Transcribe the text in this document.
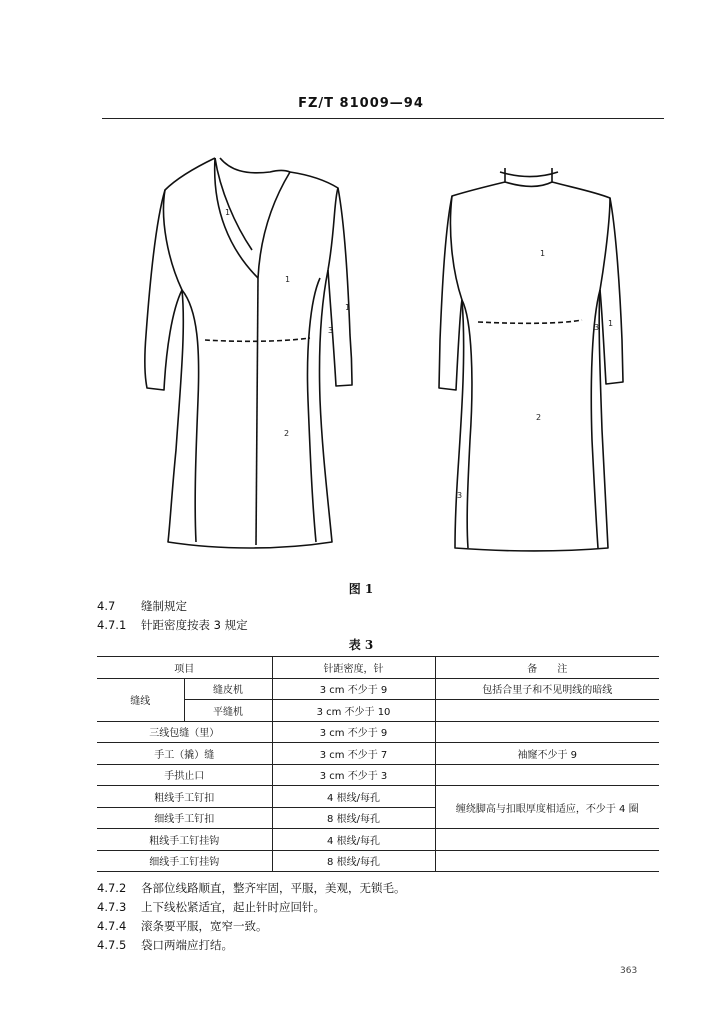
FZ/T 81009—94
1
1
1
3
2
1
3 1
2
3
图 1
4.7 缝制规定
4.7.1 针距密度按表 3 规定
表 3
项目		针距密度，针	备　　注
缝线	缝皮机	3 cm 不少于 9	包括合里子和不见明线的暗线
	平缝机	3 cm 不少于 10	
三线包缝（里）		3 cm 不少于 9	
手工（撬）缝		3 cm 不少于 7	袖窿不少于 9
手拱止口		3 cm 不少于 3	
粗线手工钉扣		4 根线/每孔	缠绕脚高与扣眼厚度相适应，不少于 4 圈
细线手工钉扣		8 根线/每孔	
粗线手工钉挂钩		4 根线/每孔	
细线手工钉挂钩		8 根线/每孔	
4.7.2 各部位线路顺直，整齐牢固，平服，美观，无锁毛。
4.7.3 上下线松紧适宜，起止针时应回针。
4.7.4 滚条要平服，宽窄一致。
4.7.5 袋口两端应打结。
363
